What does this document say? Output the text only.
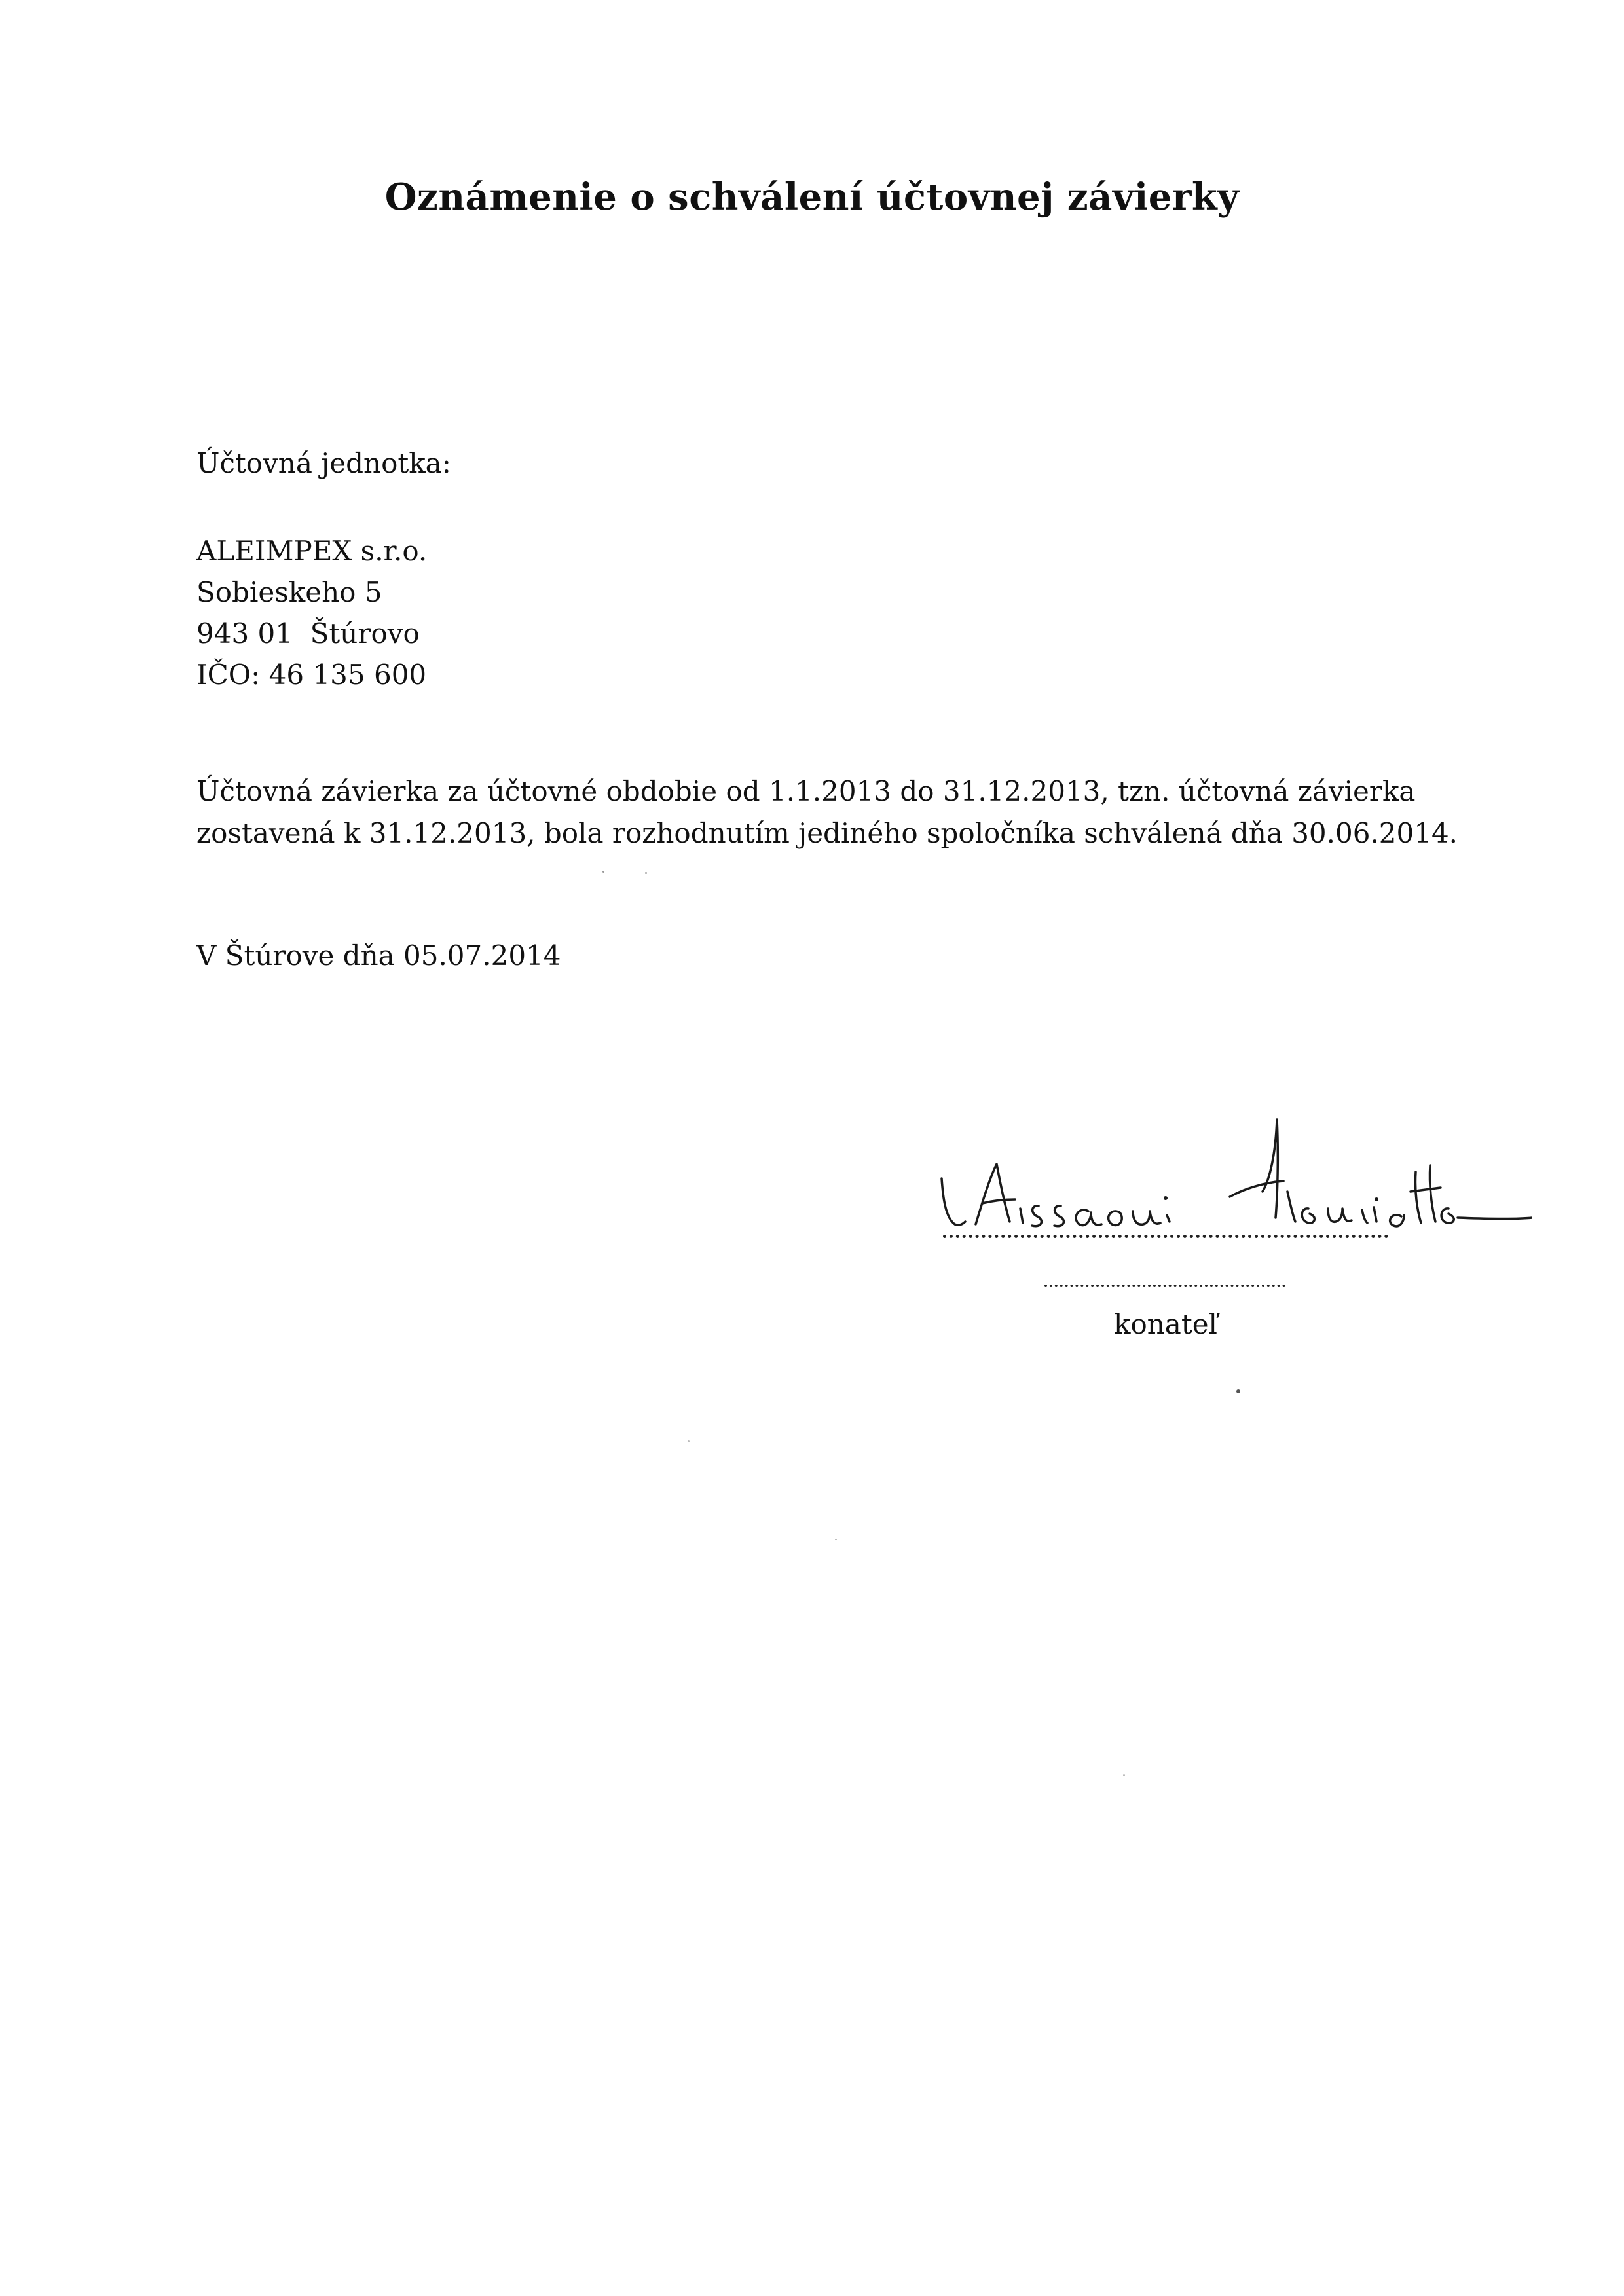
Oznámenie o schválení účtovnej závierky
Účtovná jednotka:
ALEIMPEX s.r.o.
Sobieskeho 5
943 01  Štúrovo
IČO: 46 135 600
Účtovná závierka za účtovné obdobie od 1.1.2013 do 31.12.2013, tzn. účtovná závierka
zostavená k 31.12.2013, bola rozhodnutím jediného spoločníka schválená dňa 30.06.2014.
V Štúrove dňa 05.07.2014
konateľ
